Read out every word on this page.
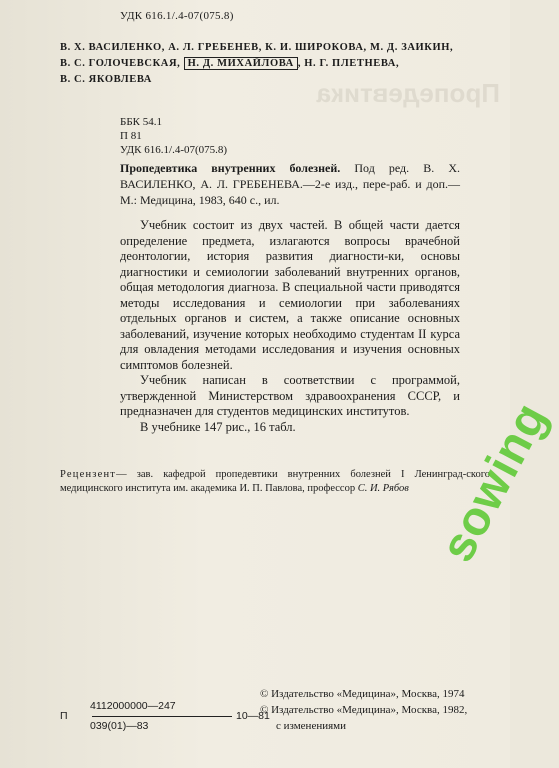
Пропедевтика
УДК 616.1/.4-07(075.8)
В. Х. ВАСИЛЕНКО, А. Л. ГРЕБЕНЕВ, К. И. ШИРОКОВА, М. Д. ЗАИКИН,
В. С. ГОЛОЧЕВСКАЯ, Н. Д. МИХАЙЛОВА , Н. Г. ПЛЕТНЕВА,
В. С. ЯКОВЛЕВА
ББК 54.1
П 81
УДК 616.1/.4-07(075.8)
Пропедевтика внутренних болезней. Под ред. В. Х. ВАСИЛЕНКО, А. Л. ГРЕБЕНЕВА.—2-е изд., пере-раб. и доп.— М.: Медицина, 1983, 640 с., ил.

Учебник состоит из двух частей. В общей части дается определение предмета, излагаются вопросы врачебной деонтологии, история развития диагности-ки, основы диагностики и семиологии заболеваний внутренних органов, общая методология диагноза. В специальной части приводятся методы исследования и семиологии при заболеваниях отдельных органов и систем, а также описание основных заболеваний, изучение которых необходимо студентам II курса для овладения методами исследования и изучения основных симптомов болезней.

Учебник написан в соответствии с программой, утвержденной Министерством здравоохранения СССР, и предназначен для студентов медицинских институтов.

В учебнике 147 рис., 16 табл.

Рецензент— зав. кафедрой пропедевтики внутренних болезней I Ленинград-ского медицинского института им. академика И. П. Павлова, профессор С. И. Рябов
П
4112000000—247
039(01)—83
10—81
© Издательство «Медицина», Москва, 1974
© Издательство «Медицина», Москва, 1982,
с изменениями
sowing
